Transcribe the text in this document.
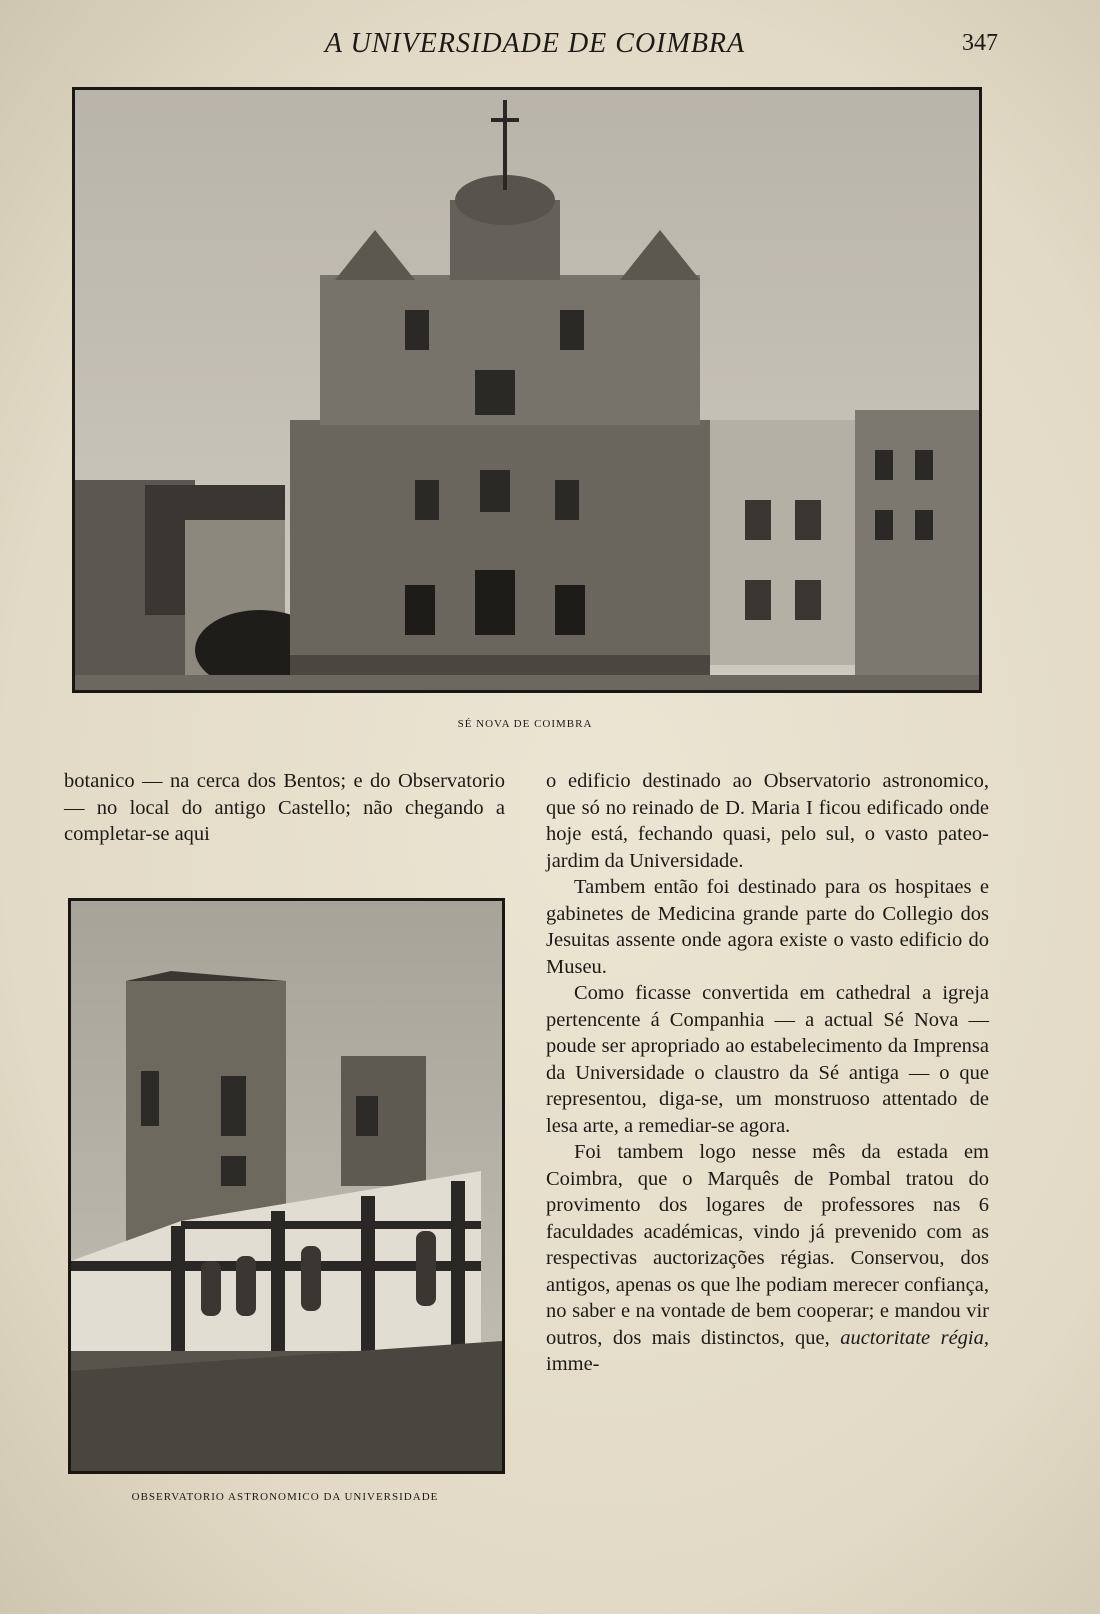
A UNIVERSIDADE DE COIMBRA	347
SÉ NOVA DE COIMBRA

botanico — na cerca dos Bentos; e do Observatorio — no local do antigo Castello; não chegando a completar-se aqui

OBSERVATORIO ASTRONOMICO DA UNIVERSIDADE

o edificio destinado ao Observatorio astronomico, que só no reinado de D. Maria I ficou edificado onde hoje está, fechando quasi, pelo sul, o vasto pateo-jardim da Universidade.

Tambem então foi destinado para os hospitaes e gabinetes de Medicina grande parte do Collegio dos Jesuitas assente onde agora existe o vasto edificio do Museu.

Como ficasse convertida em cathedral a igreja pertencente á Companhia — a actual Sé Nova — poude ser apropriado ao estabelecimento da Imprensa da Universidade o claustro da Sé antiga — o que representou, diga-se, um monstruoso attentado de lesa arte, a remediar-se agora.

Foi tambem logo nesse mês da estada em Coimbra, que o Marquês de Pombal tratou do provimento dos logares de professores nas 6 faculdades académicas, vindo já prevenido com as respectivas auctorizações régias. Conservou, dos antigos, apenas os que lhe podiam merecer confiança, no saber e na vontade de bem cooperar; e mandou vir outros, dos mais distinctos, que, auctoritate régia, imme-
